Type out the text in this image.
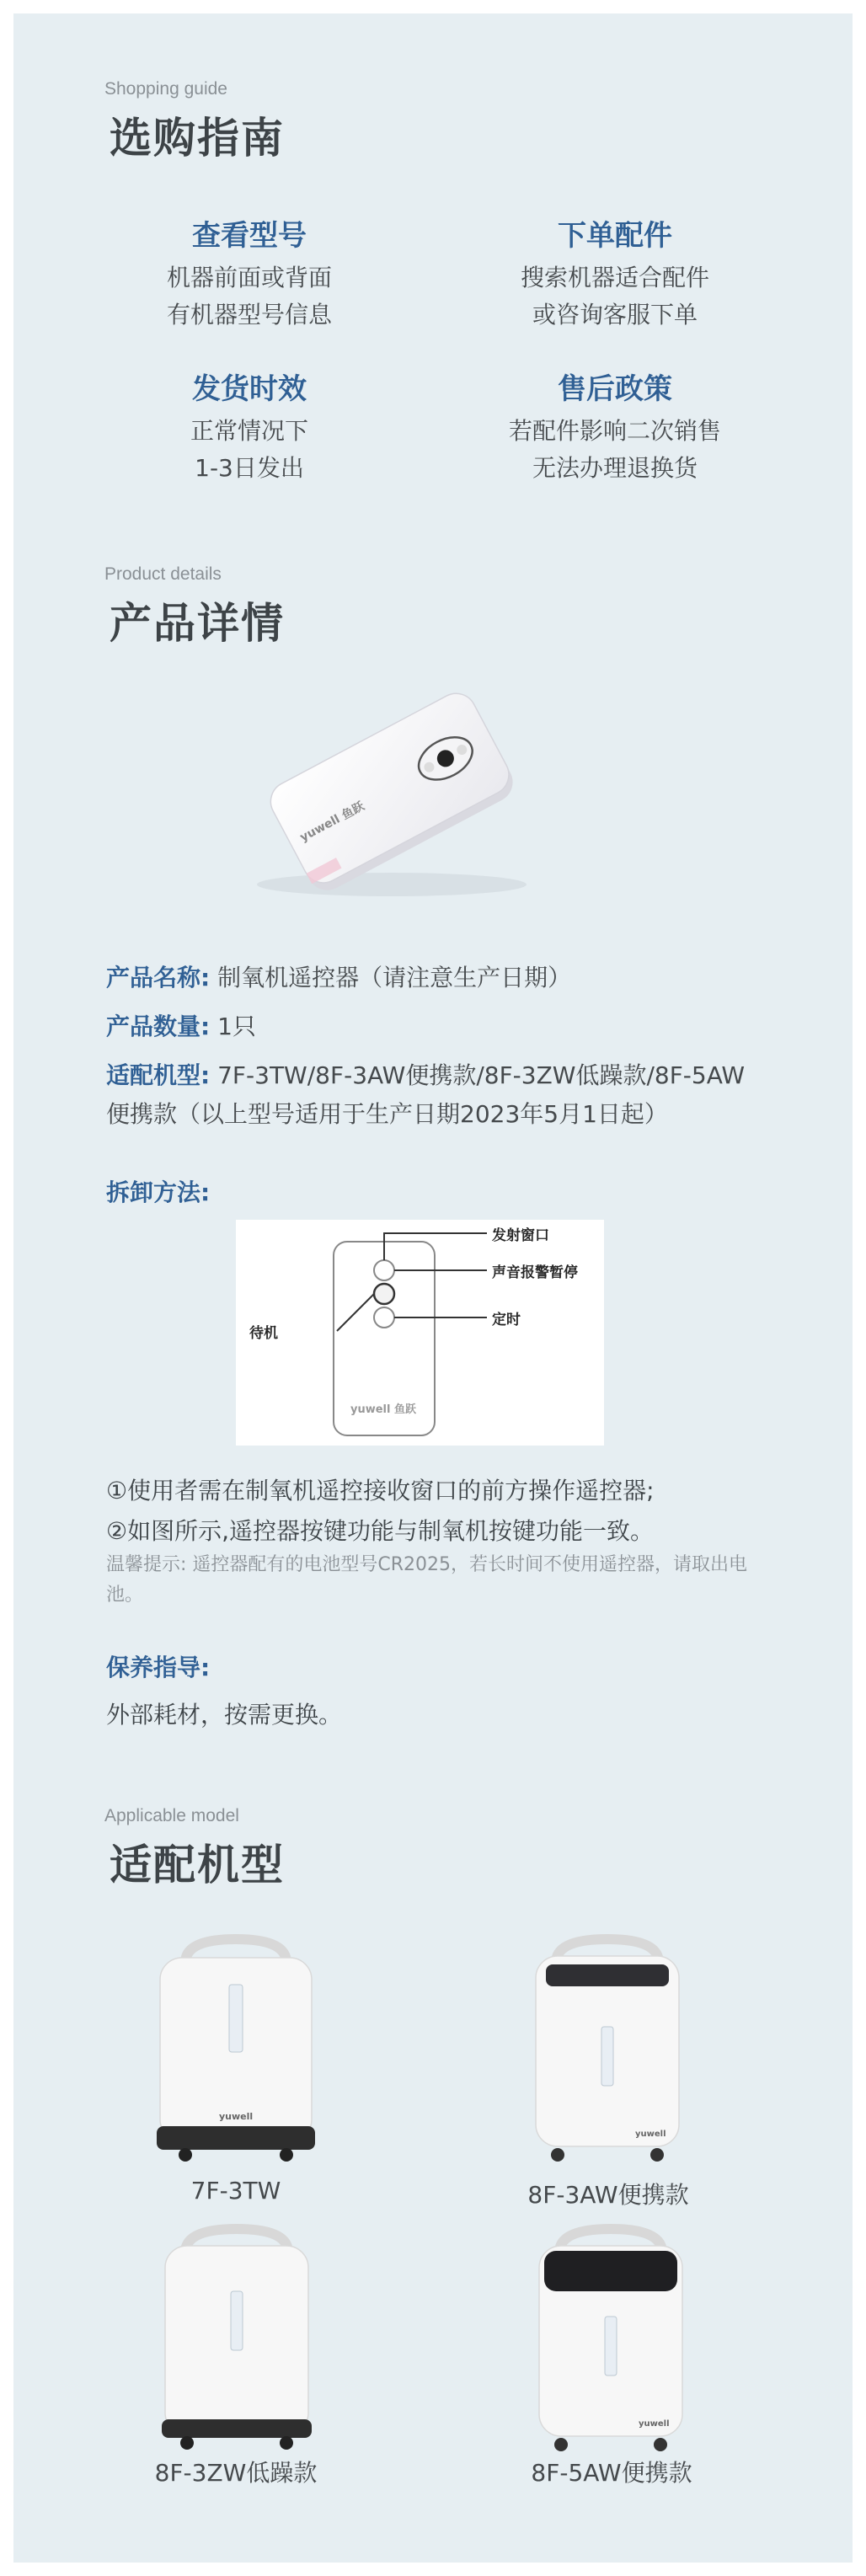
Shopping guide
选购指南
查看型号
机器前面或背面
有机器型号信息
下单配件
搜索机器适合配件
或咨询客服下单
发货时效
正常情况下
1-3日发出
售后政策
若配件影响二次销售
无法办理退换货
Product details
产品详情
yuwell 鱼跃
产品名称: 制氧机遥控器（请注意生产日期）
产品数量: 1只
适配机型: 7F-3TW/8F-3AW便携款/8F-3ZW低躁款/8F-5AW便携款（以上型号适用于生产日期2023年5月1日起）
拆卸方法:
发射窗口
声音报警暂停
定时
待机
yuwell 鱼跃
①使用者需在制氧机遥控接收窗口的前方操作遥控器;
②如图所示,遥控器按键功能与制氧机按键功能一致。
温馨提示: 遥控器配有的电池型号CR2025，若长时间不使用遥控器，请取出电池。
保养指导:
外部耗材，按需更换。
Applicable model
适配机型
yuwell
7F-3TW
yuwell
8F-3AW便携款
8F-3ZW低躁款
yuwell
8F-5AW便携款
